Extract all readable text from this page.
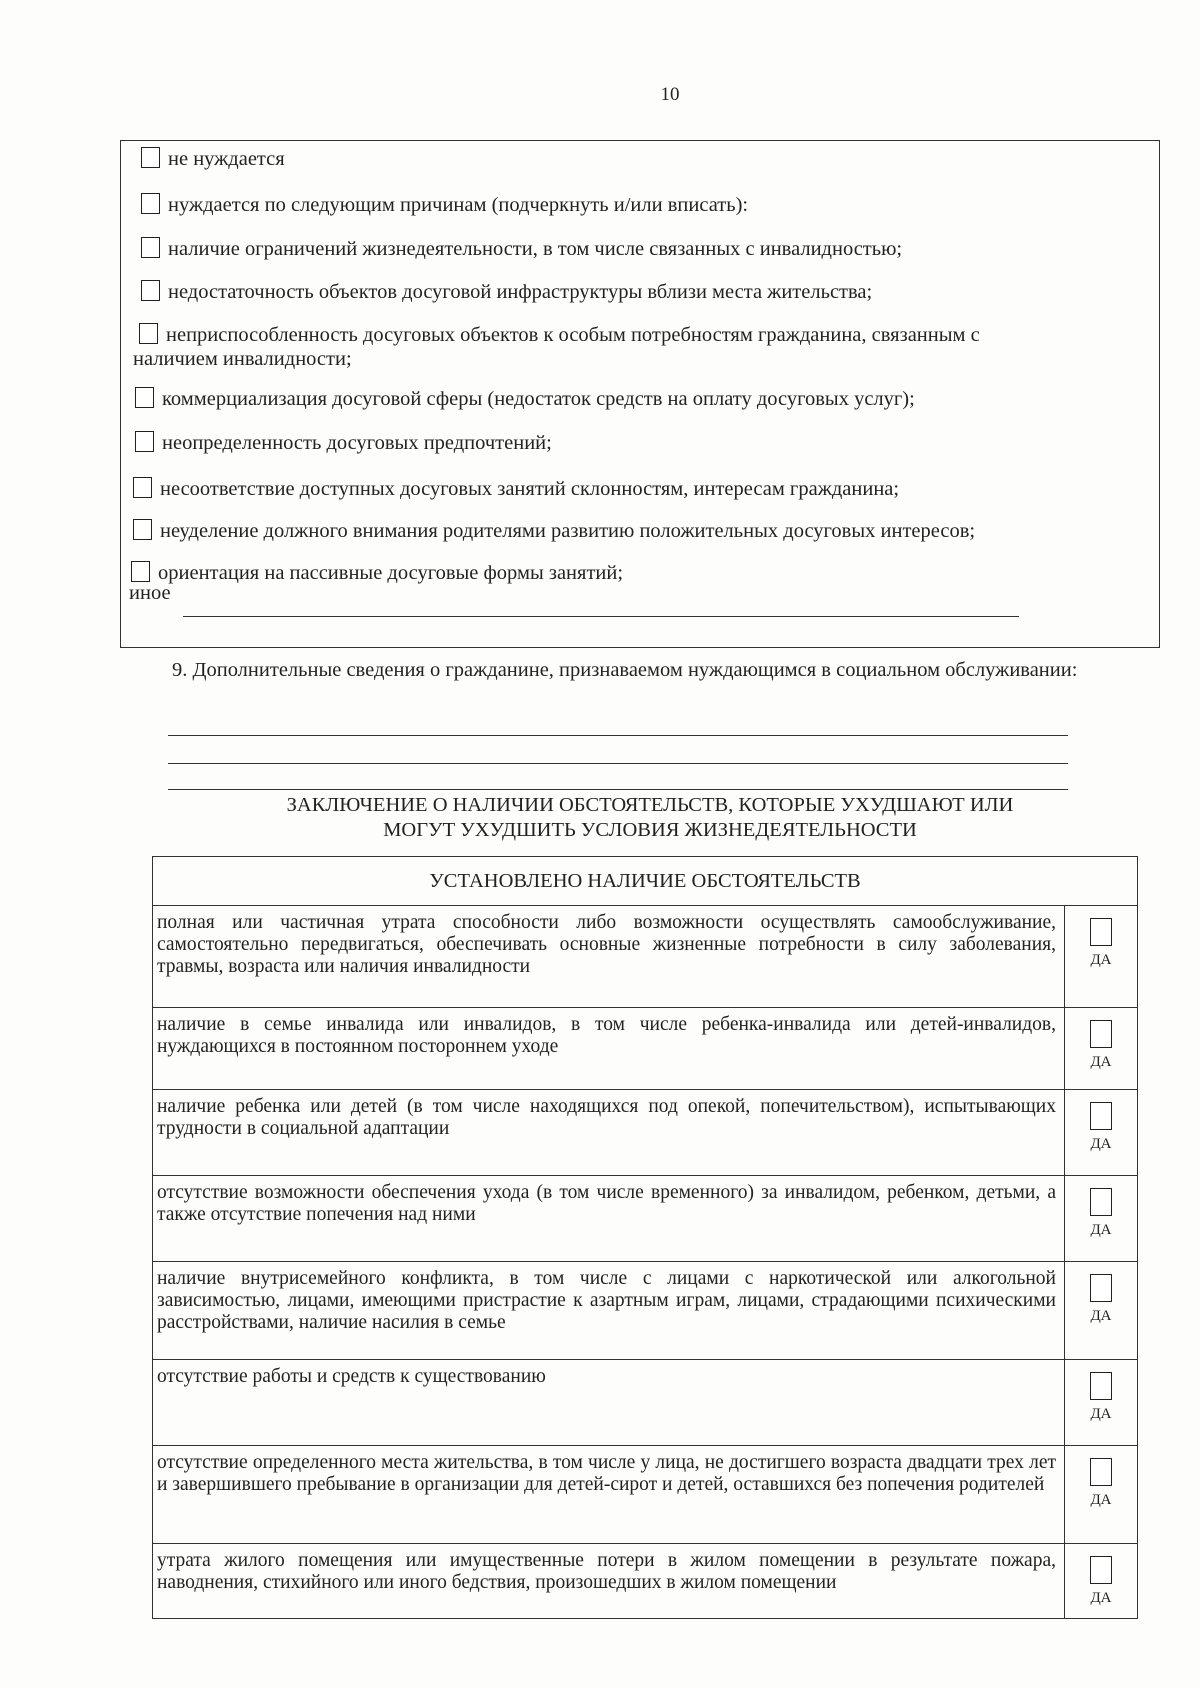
10
не нуждается
нуждается по следующим причинам (подчеркнуть и/или вписать):
наличие ограничений жизнедеятельности, в том числе связанных с инвалидностью;
недостаточность объектов досуговой инфраструктуры вблизи места жительства;
неприспособленность досуговых объектов к особым потребностям гражданина, связанным с
наличием инвалидности;
коммерциализация досуговой сферы (недостаток средств на оплату досуговых услуг);
неопределенность досуговых предпочтений;
несоответствие доступных досуговых занятий склонностям, интересам гражданина;
неуделение должного внимания родителями развитию положительных досуговых интересов;
ориентация на пассивные досуговые формы занятий;
иное
9. Дополнительные сведения о гражданине, признаваемом нуждающимся в социальном обслуживании:
ЗАКЛЮЧЕНИЕ О НАЛИЧИИ ОБСТОЯТЕЛЬСТВ, КОТОРЫЕ УХУДШАЮТ ИЛИ
МОГУТ УХУДШИТЬ УСЛОВИЯ ЖИЗНЕДЕЯТЕЛЬНОСТИ
УСТАНОВЛЕНО НАЛИЧИЕ ОБСТОЯТЕЛЬСТВ
полная или частичная утрата способности либо возможности осуществлять самообслуживание, самостоятельно передвигаться, обеспечивать основные жизненные потребности в силу заболевания, травмы, возраста или наличия инвалидности	ДА
наличие в семье инвалида или инвалидов, в том числе ребенка-инвалида или детей-инвалидов, нуждающихся в постоянном постороннем уходе
ДА
наличие ребенка или детей (в том числе находящихся под опекой, попечительством), испытывающих трудности в социальной адаптации
ДА
отсутствие возможности обеспечения ухода (в том числе временного) за инвалидом, ребенком, детьми, а также отсутствие попечения над ними
ДА
наличие внутрисемейного конфликта, в том числе с лицами с наркотической или алкогольной зависимостью, лицами, имеющими пристрастие к азартным играм, лицами, страдающими психическими расстройствами, наличие насилия в семье	ДА
отсутствие работы и средств к существованию
ДА
отсутствие определенного места жительства, в том числе у лица, не достигшего возраста двадцати трех лет и завершившего пребывание в организации для детей-сирот и детей, оставшихся без попечения родителей
ДА
утрата жилого помещения или имущественные потери в жилом помещении в результате пожара, наводнения, стихийного или иного бедствия, произошедших в жилом помещении
ДА
